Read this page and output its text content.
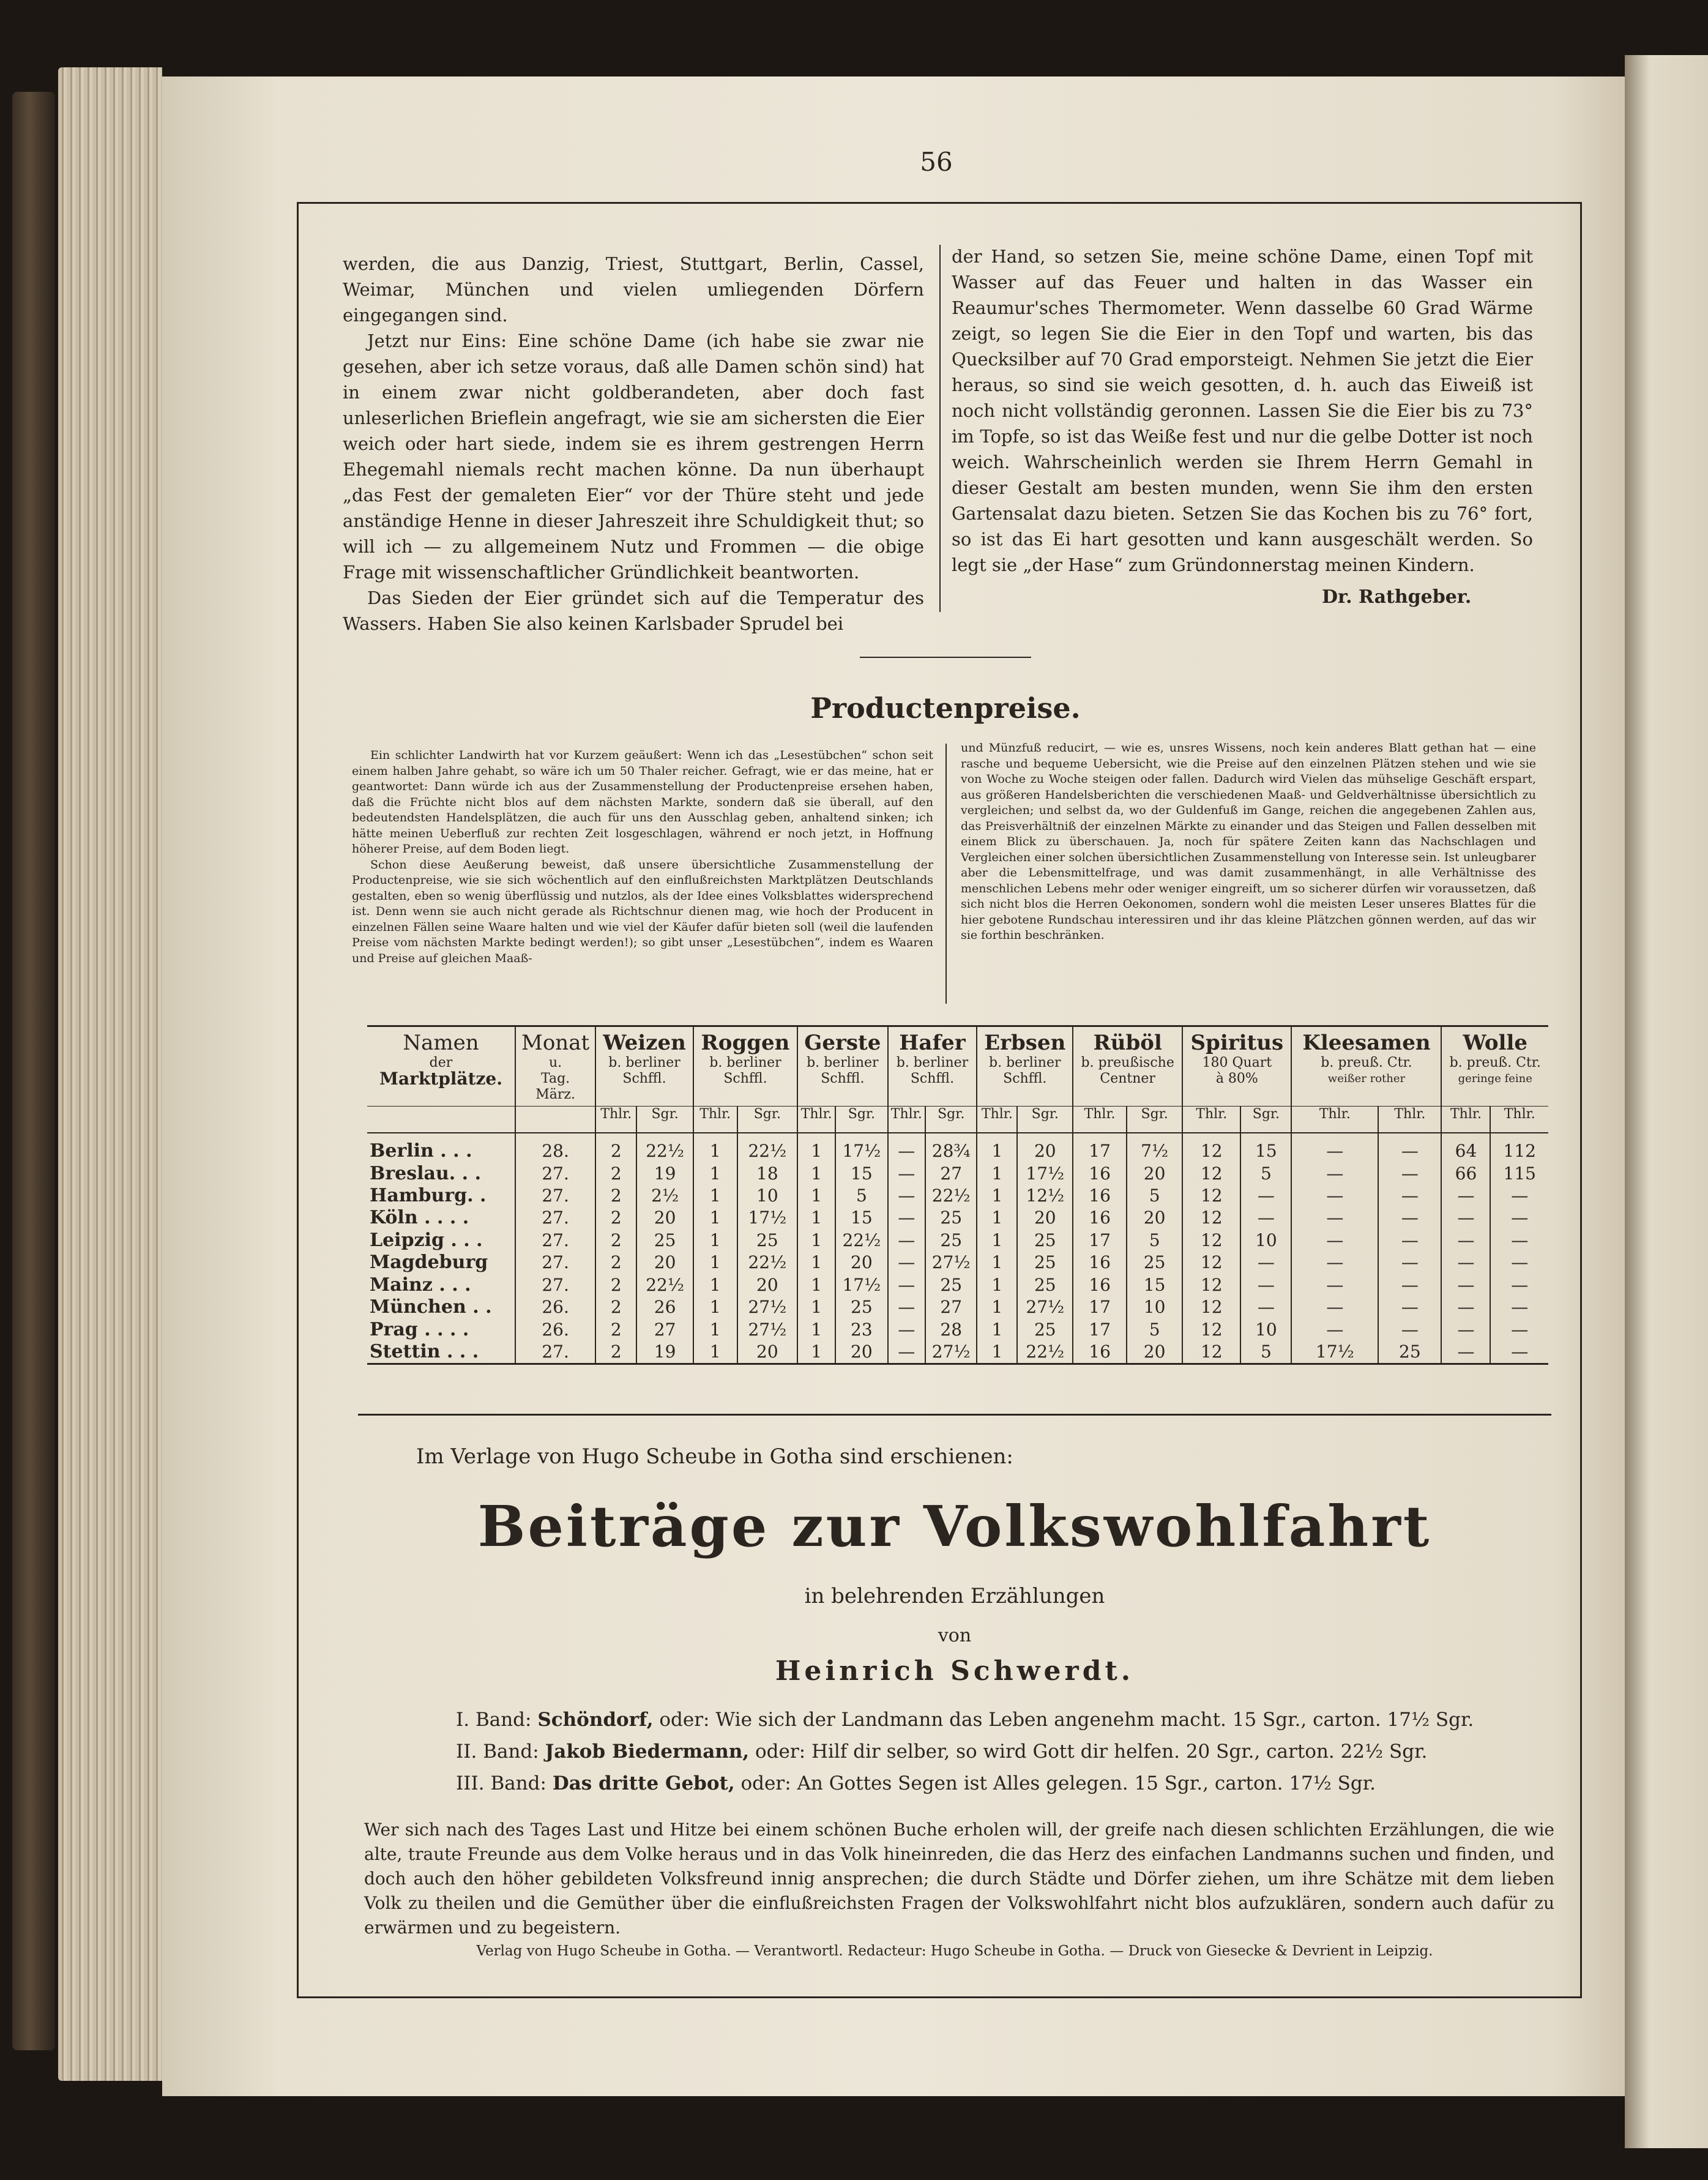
56

werden, die aus Danzig, Triest, Stuttgart, Berlin, Cassel, Weimar, München und vielen umliegenden Dörfern eingegangen sind.

Jetzt nur Eins: Eine schöne Dame (ich habe sie zwar nie gesehen, aber ich setze voraus, daß alle Damen schön sind) hat in einem zwar nicht goldberandeten, aber doch fast unleserlichen Brieflein angefragt, wie sie am sichersten die Eier weich oder hart siede, indem sie es ihrem gestrengen Herrn Ehegemahl niemals recht machen könne. Da nun überhaupt „das Fest der gemaleten Eier“ vor der Thüre steht und jede anständige Henne in dieser Jahreszeit ihre Schuldigkeit thut; so will ich — zu allgemeinem Nutz und Frommen — die obige Frage mit wissenschaftlicher Gründlichkeit beantworten.

Das Sieden der Eier gründet sich auf die Temperatur des Wassers. Haben Sie also keinen Karlsbader Sprudel bei

der Hand, so setzen Sie, meine schöne Dame, einen Topf mit Wasser auf das Feuer und halten in das Wasser ein Reaumur'sches Thermometer. Wenn dasselbe 60 Grad Wärme zeigt, so legen Sie die Eier in den Topf und warten, bis das Quecksilber auf 70 Grad emporsteigt. Nehmen Sie jetzt die Eier heraus, so sind sie weich gesotten, d. h. auch das Eiweiß ist noch nicht vollständig geronnen. Lassen Sie die Eier bis zu 73° im Topfe, so ist das Weiße fest und nur die gelbe Dotter ist noch weich. Wahrscheinlich werden sie Ihrem Herrn Gemahl in dieser Gestalt am besten munden, wenn Sie ihm den ersten Gartensalat dazu bieten. Setzen Sie das Kochen bis zu 76° fort, so ist das Ei hart gesotten und kann ausgeschält werden. So legt sie „der Hase“ zum Gründonnerstag meinen Kindern.

Dr. Rathgeber.
Productenpreise.

Ein schlichter Landwirth hat vor Kurzem geäußert: Wenn ich das „Lesestübchen“ schon seit einem halben Jahre gehabt, so wäre ich um 50 Thaler reicher. Gefragt, wie er das meine, hat er geantwortet: Dann würde ich aus der Zusammenstellung der Productenpreise ersehen haben, daß die Früchte nicht blos auf dem nächsten Markte, sondern daß sie überall, auf den bedeutendsten Handelsplätzen, die auch für uns den Ausschlag geben, anhaltend sinken; ich hätte meinen Ueberfluß zur rechten Zeit losgeschlagen, während er noch jetzt, in Hoffnung höherer Preise, auf dem Boden liegt.

Schon diese Aeußerung beweist, daß unsere übersichtliche Zusammenstellung der Productenpreise, wie sie sich wöchentlich auf den einflußreichsten Marktplätzen Deutschlands gestalten, eben so wenig überflüssig und nutzlos, als der Idee eines Volksblattes widersprechend ist. Denn wenn sie auch nicht gerade als Richtschnur dienen mag, wie hoch der Producent in einzelnen Fällen seine Waare halten und wie viel der Käufer dafür bieten soll (weil die laufenden Preise vom nächsten Markte bedingt werden!); so gibt unser „Lesestübchen“, indem es Waaren und Preise auf gleichen Maaß-

und Münzfuß reducirt, — wie es, unsres Wissens, noch kein anderes Blatt gethan hat — eine rasche und bequeme Uebersicht, wie die Preise auf den einzelnen Plätzen stehen und wie sie von Woche zu Woche steigen oder fallen. Dadurch wird Vielen das mühselige Geschäft erspart, aus größeren Handelsberichten die verschiedenen Maaß- und Geldverhältnisse übersichtlich zu vergleichen; und selbst da, wo der Guldenfuß im Gange, reichen die angegebenen Zahlen aus, das Preisverhältniß der einzelnen Märkte zu einander und das Steigen und Fallen desselben mit einem Blick zu überschauen. Ja, noch für spätere Zeiten kann das Nachschlagen und Vergleichen einer solchen übersichtlichen Zusammenstellung von Interesse sein. Ist unleugbarer aber die Lebensmittelfrage, und was damit zusammenhängt, in alle Verhältnisse des menschlichen Lebens mehr oder weniger eingreift, um so sicherer dürfen wir voraussetzen, daß sich nicht blos die Herren Oekonomen, sondern wohl die meisten Leser unseres Blattes für die hier gebotene Rundschau interessiren und ihr das kleine Plätzchen gönnen werden, auf das wir sie forthin beschränken.

Namen
der
Marktplätze.	Monat
u.
Tag.
März.	Weizen
b. berliner
Schffl.		Roggen
b. berliner
Schffl.		Gerste
b. berliner
Schffl.		Hafer
b. berliner
Schffl.		Erbsen
b. berliner
Schffl.		Rüböl
b. preußische
Centner		Spiritus
180 Quart
à 80%		Kleesamen
b. preuß. Ctr.
weißer rother		Wolle
b. preuß. Ctr.
geringe feine	

		Thlr.	Sgr.	Thlr.	Sgr.	Thlr.	Sgr.	Thlr.	Sgr.	Thlr.	Sgr.	Thlr.	Sgr.	Thlr.	Sgr.	Thlr.	Thlr.	Thlr.	Thlr.
Berlin . . .	28.	2	22½	1	22½	1	17½	—	28¾	1	20	17	7½	12	15	—	—	64	112
Breslau. . .	27.	2	19	1	18	1	15	—	27	1	17½	16	20	12	5	—	—	66	115
Hamburg. .	27.	2	2½	1	10	1	5	—	22½	1	12½	16	5	12	—	—	—	—	—
Köln . . . .	27.	2	20	1	17½	1	15	—	25	1	20	16	20	12	—	—	—	—	—
Leipzig . . .	27.	2	25	1	25	1	22½	—	25	1	25	17	5	12	10	—	—	—	—
Magdeburg	27.	2	20	1	22½	1	20	—	27½	1	25	16	25	12	—	—	—	—	—
Mainz . . .	27.	2	22½	1	20	1	17½	—	25	1	25	16	15	12	—	—	—	—	—
München . .	26.	2	26	1	27½	1	25	—	27	1	27½	17	10	12	—	—	—	—	—
Prag . . . .	26.	2	27	1	27½	1	23	—	28	1	25	17	5	12	10	—	—	—	—
Stettin . . .	27.	2	19	1	20	1	20	—	27½	1	22½	16	20	12	5	17½	25	—	—
Im Verlage von Hugo Scheube in Gotha sind erschienen:
Beiträge zur Volkswohlfahrt
in belehrenden Erzählungen
von
Heinrich Schwerdt.
I. Band: Schöndorf, oder: Wie sich der Landmann das Leben angenehm macht. 15 Sgr., carton. 17½ Sgr.
II. Band: Jakob Biedermann, oder: Hilf dir selber, so wird Gott dir helfen. 20 Sgr., carton. 22½ Sgr.
III. Band: Das dritte Gebot, oder: An Gottes Segen ist Alles gelegen. 15 Sgr., carton. 17½ Sgr.
Wer sich nach des Tages Last und Hitze bei einem schönen Buche erholen will, der greife nach diesen schlichten Erzählungen, die wie alte, traute Freunde aus dem Volke heraus und in das Volk hineinreden, die das Herz des einfachen Landmanns suchen und finden, und doch auch den höher gebildeten Volksfreund innig ansprechen; die durch Städte und Dörfer ziehen, um ihre Schätze mit dem lieben Volk zu theilen und die Gemüther über die einflußreichsten Fragen der Volkswohlfahrt nicht blos aufzuklären, sondern auch dafür zu erwärmen und zu begeistern.
Verlag von Hugo Scheube in Gotha. — Verantwortl. Redacteur: Hugo Scheube in Gotha. — Druck von Giesecke & Devrient in Leipzig.
